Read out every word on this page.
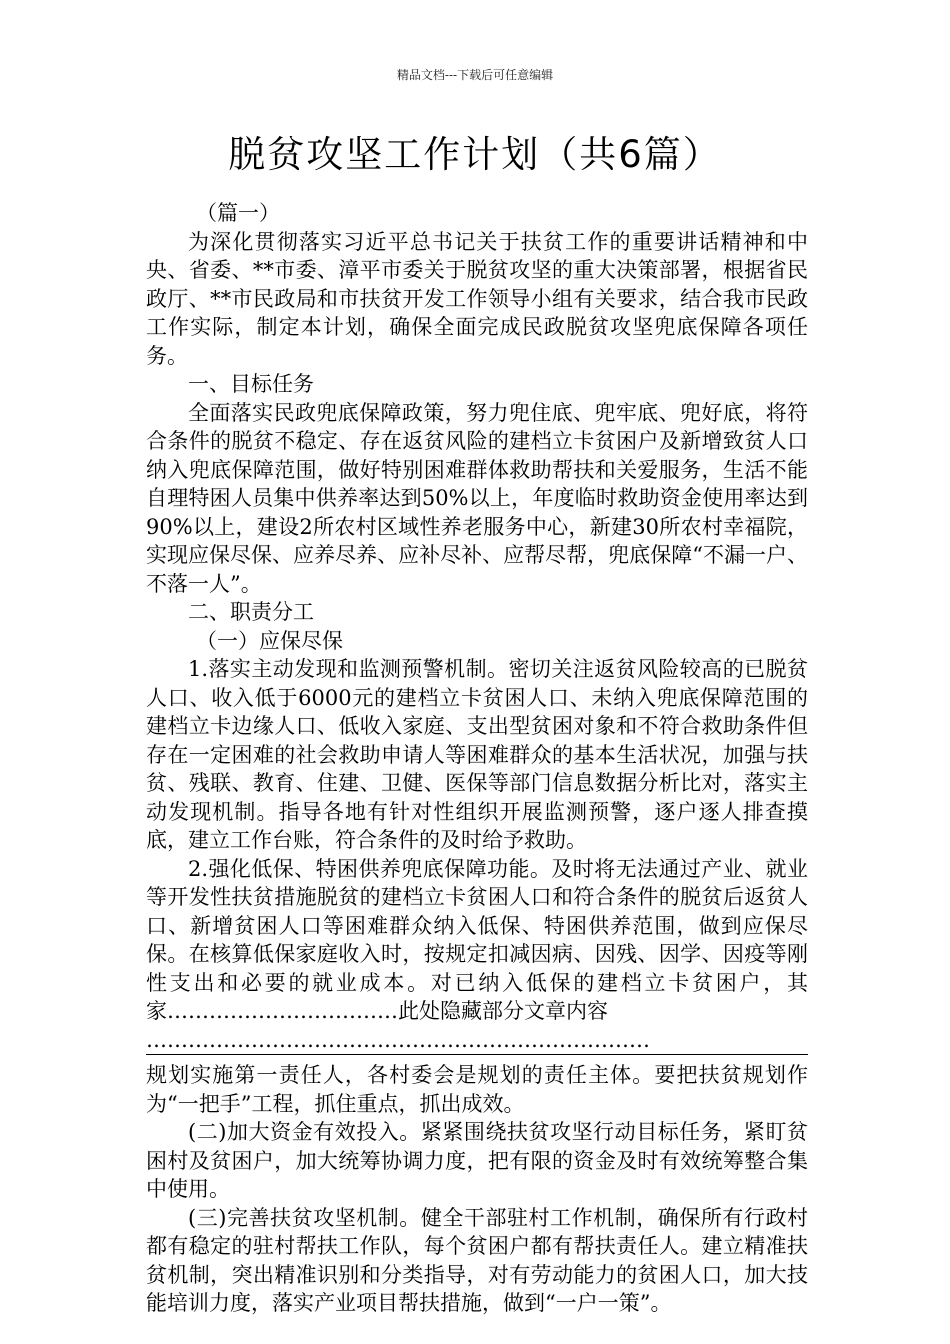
精品文档---下载后可任意编辑
脱贫攻坚工作计划（共6篇）

（篇一）

为深化贯彻落实习近平总书记关于扶贫工作的重要讲话精神和中央、省委、**市委、漳平市委关于脱贫攻坚的重大决策部署，根据省民政厅、**市民政局和市扶贫开发工作领导小组有关要求，结合我市民政工作实际，制定本计划，确保全面完成民政脱贫攻坚兜底保障各项任务。

一、目标任务

全面落实民政兜底保障政策，努力兜住底、兜牢底、兜好底，将符合条件的脱贫不稳定、存在返贫风险的建档立卡贫困户及新增致贫人口纳入兜底保障范围，做好特别困难群体救助帮扶和关爱服务，生活不能自理特困人员集中供养率达到50%以上，年度临时救助资金使用率达到90%以上，建设2所农村区域性养老服务中心，新建30所农村幸福院，实现应保尽保、应养尽养、应补尽补、应帮尽帮，兜底保障“不漏一户、不落一人”。

二、职责分工

（一）应保尽保

1.落实主动发现和监测预警机制。密切关注返贫风险较高的已脱贫人口、收入低于6000元的建档立卡贫困人口、未纳入兜底保障范围的建档立卡边缘人口、低收入家庭、支出型贫困对象和不符合救助条件但存在一定困难的社会救助申请人等困难群众的基本生活状况，加强与扶贫、残联、教育、住建、卫健、医保等部门信息数据分析比对，落实主动发现机制。指导各地有针对性组织开展监测预警，逐户逐人排查摸底，建立工作台账，符合条件的及时给予救助。

2.强化低保、特困供养兜底保障功能。及时将无法通过产业、就业等开发性扶贫措施脱贫的建档立卡贫困人口和符合条件的脱贫后返贫人口、新增贫困人口等困难群众纳入低保、特困供养范围，做到应保尽保。在核算低保家庭收入时，按规定扣减因病、因残、因学、因疫等刚性支出和必要的就业成本。对已纳入低保的建档立卡贫困户，其家……………………………此处隐藏部分文章内容

………………………………………………………………

规划实施第一责任人，各村委会是规划的责任主体。要把扶贫规划作为“一把手”工程，抓住重点，抓出成效。

(二)加大资金有效投入。紧紧围绕扶贫攻坚行动目标任务，紧盯贫困村及贫困户，加大统筹协调力度，把有限的资金及时有效统筹整合集中使用。

(三)完善扶贫攻坚机制。健全干部驻村工作机制，确保所有行政村都有稳定的驻村帮扶工作队，每个贫困户都有帮扶责任人。建立精准扶贫机制，突出精准识别和分类指导，对有劳动能力的贫困人口，加大技能培训力度，落实产业项目帮扶措施，做到“一户一策”。
